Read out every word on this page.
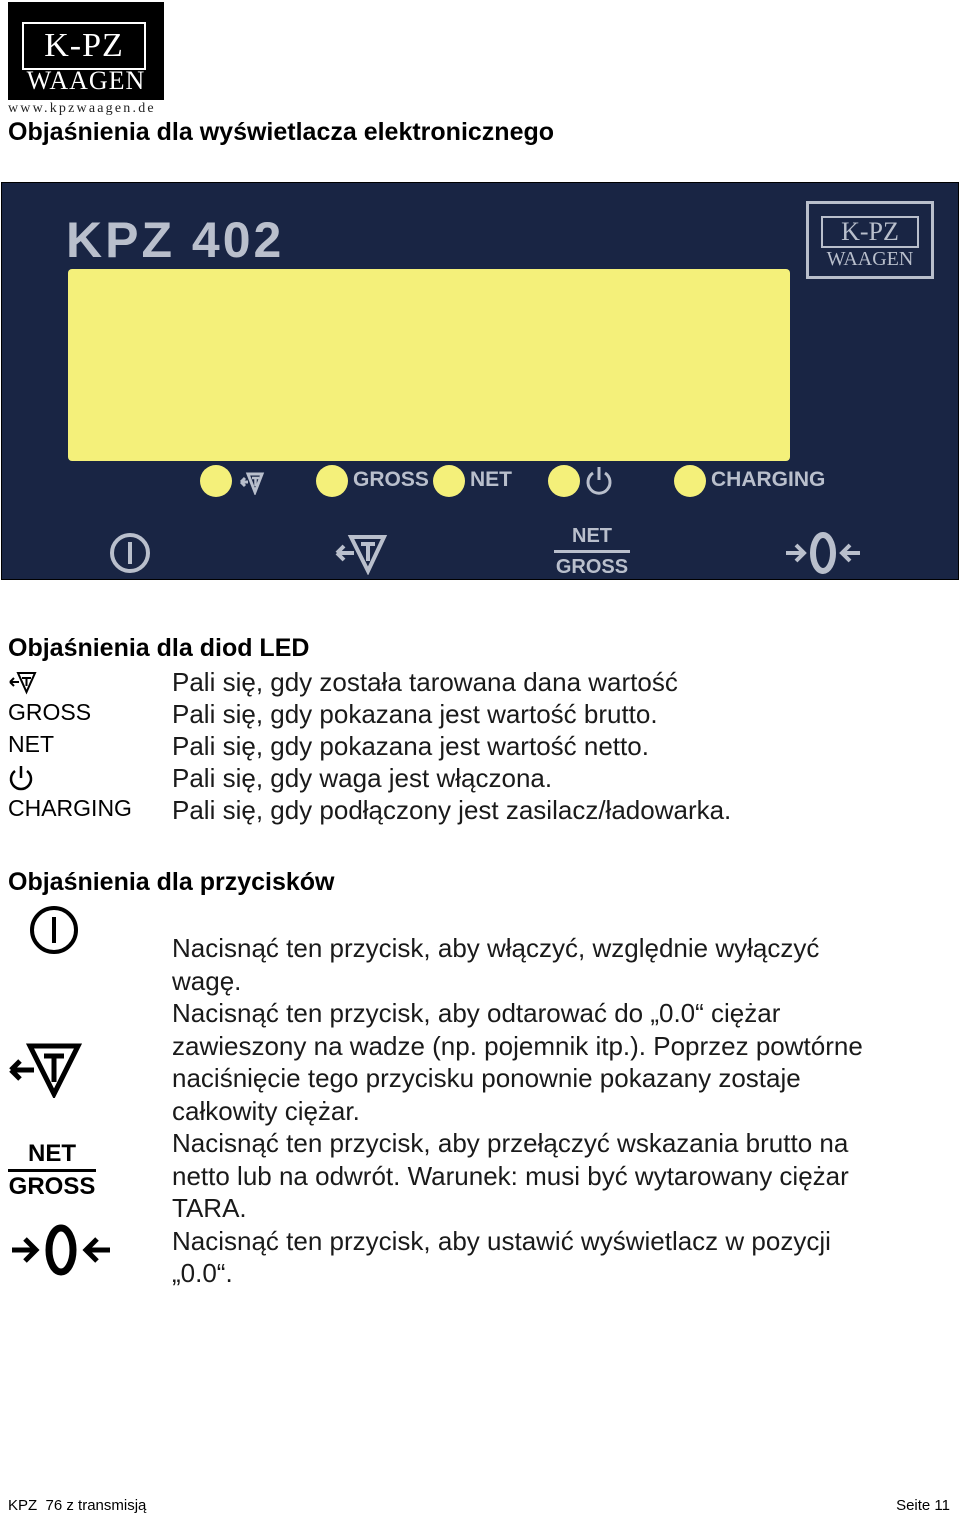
K-PZ
WAAGEN
www.kpzwaagen.de
Objaśnienia dla wyświetlacza elektronicznego
KPZ 402	K-PZ
WAAGEN
GROSS NET	CHARGING
NET
GROSS
Objaśnienia dla diod LED
Pali się, gdy została tarowana dana wartość
GROSS	Pali się, gdy pokazana jest wartość brutto.
NET	Pali się, gdy pokazana jest wartość netto.
Pali się, gdy waga jest włączona.
CHARGING Pali się, gdy podłączony jest zasilacz/ładowarka.
Objaśnienia dla przycisków
NET
GROSS
Nacisnąć ten przycisk, aby włączyć, względnie wyłączyć
wagę.
Nacisnąć ten przycisk, aby odtarować do „0.0“ ciężar
zawieszony na wadze (np. pojemnik itp.). Poprzez powtórne
naciśnięcie tego przycisku ponownie pokazany zostaje
całkowity ciężar.
Nacisnąć ten przycisk, aby przełączyć wskazania brutto na
netto lub na odwrót. Warunek: musi być wytarowany ciężar
TARA.
Nacisnąć ten przycisk, aby ustawić wyświetlacz w pozycji
„0.0“.
KPZ  76 z transmisją	Seite 11
